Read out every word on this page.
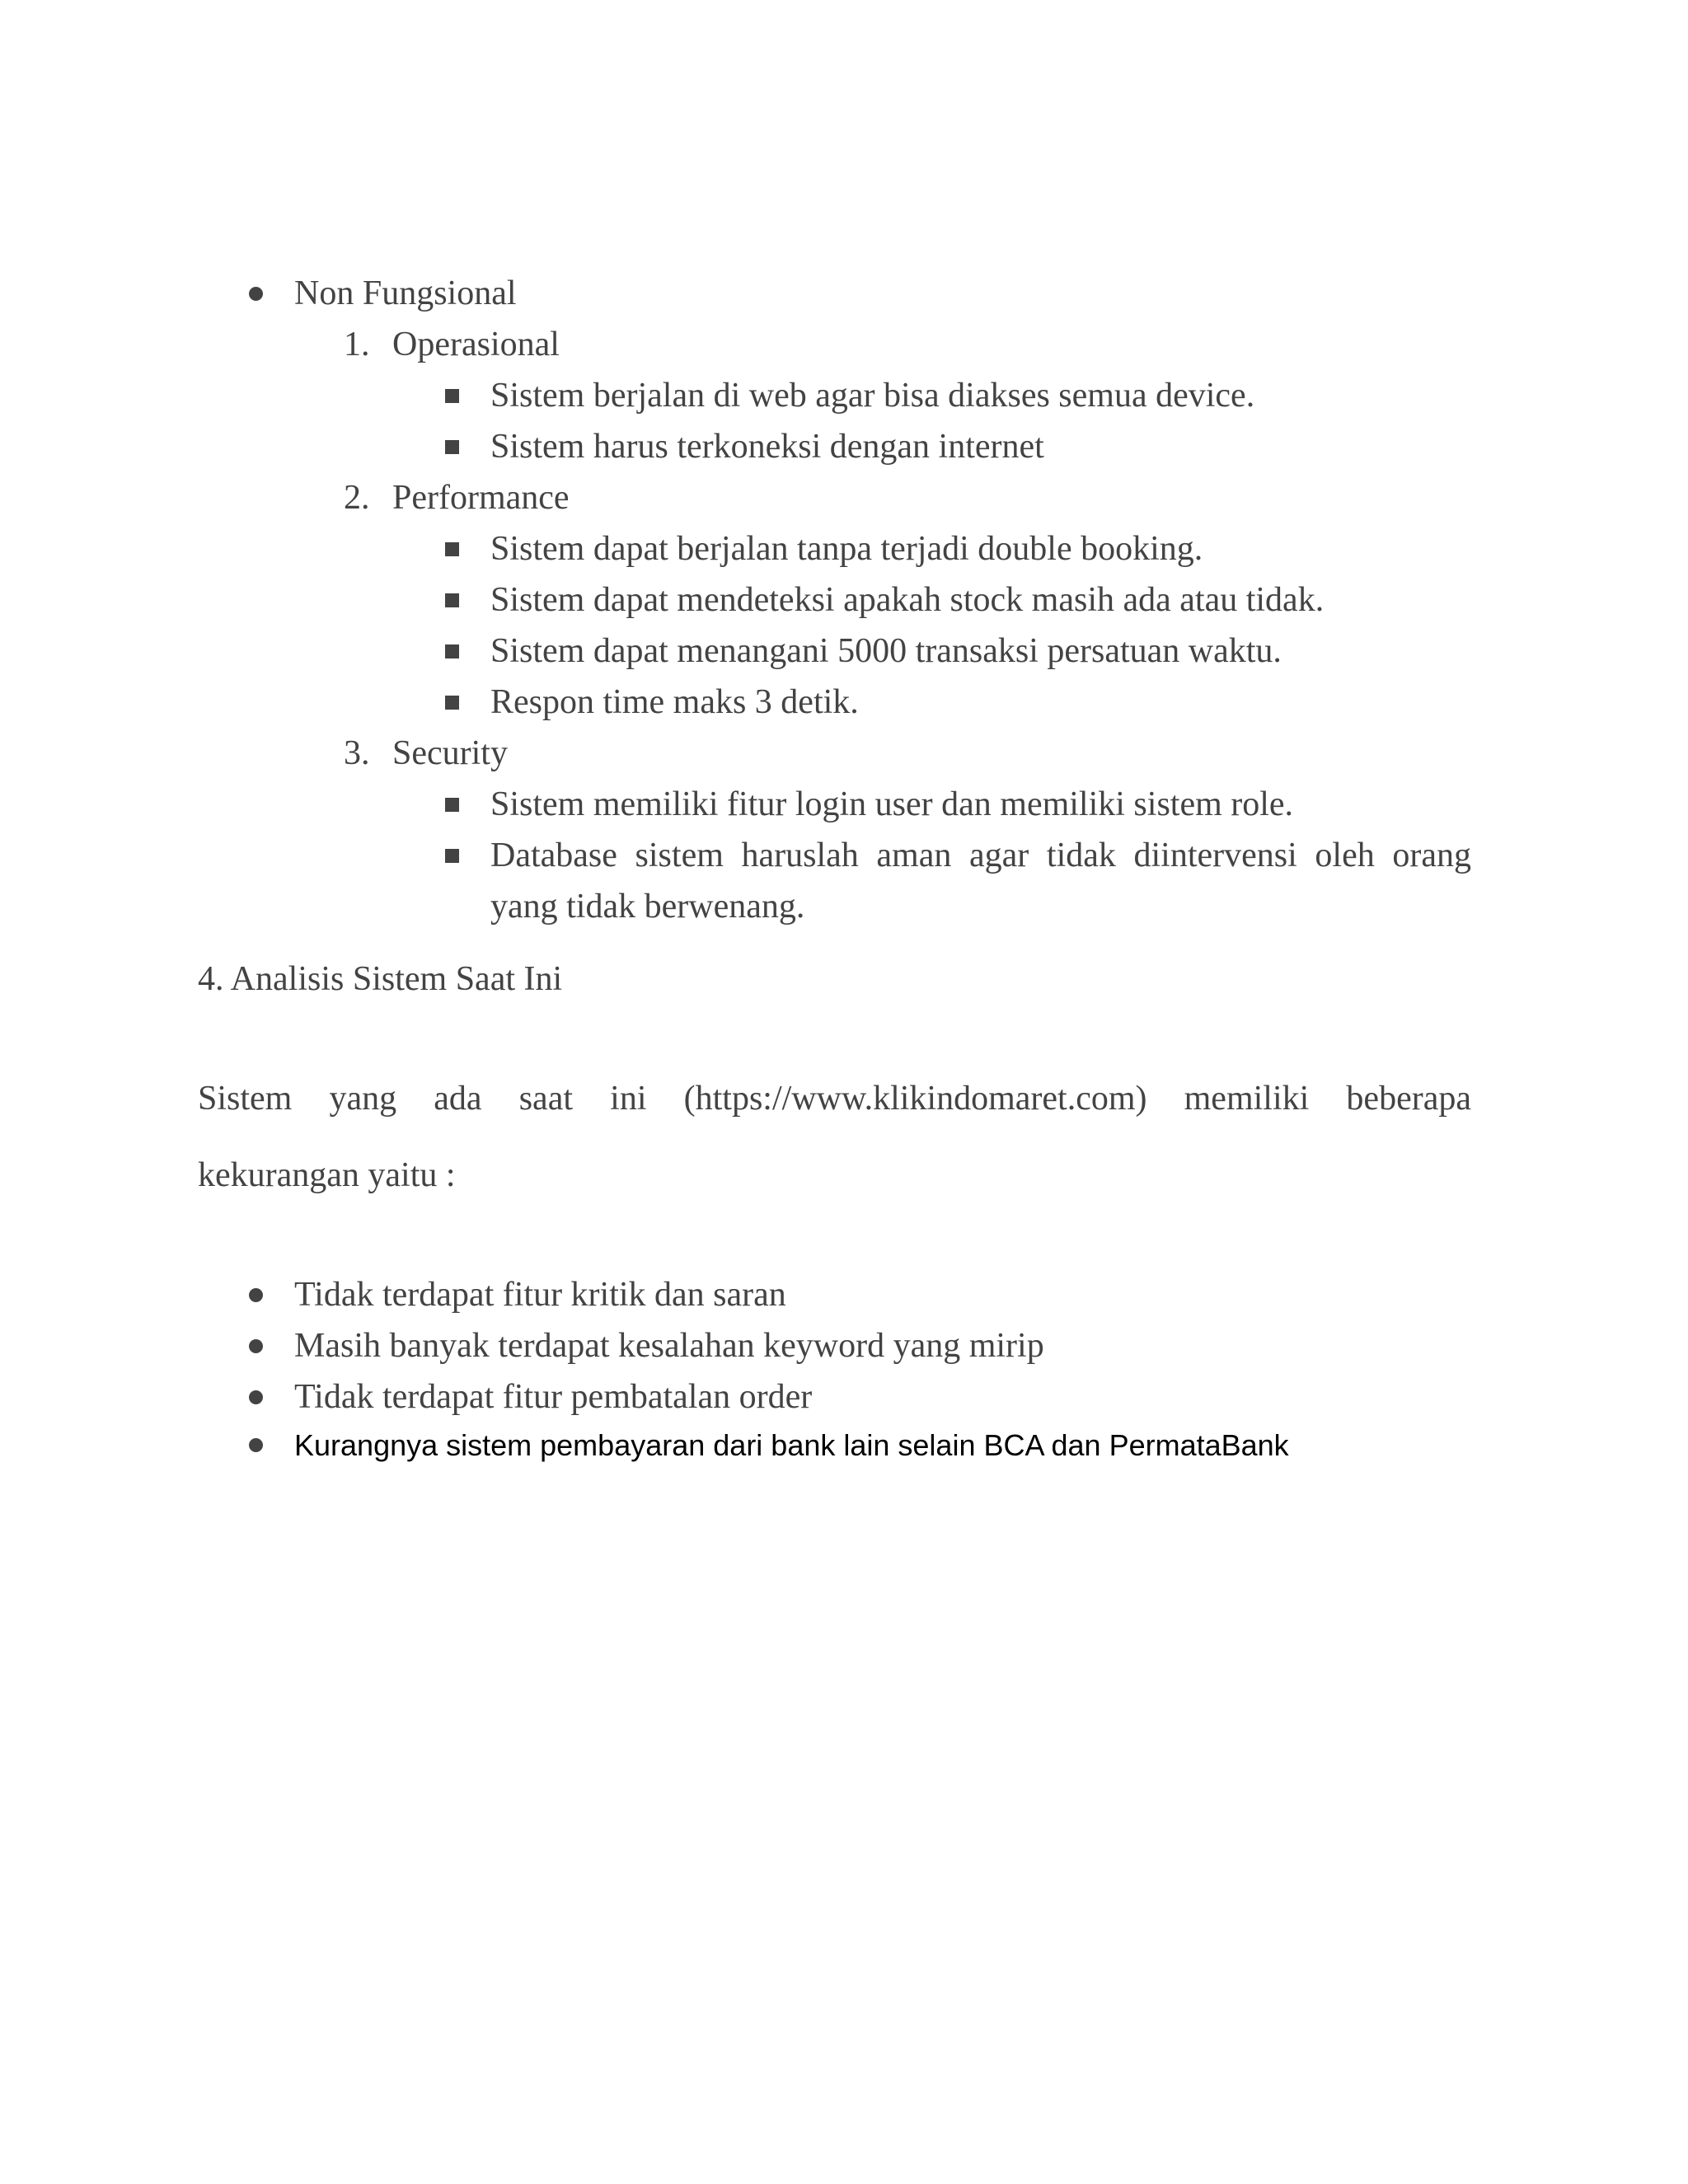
Non Fungsional
1. Operasional
Sistem berjalan di web agar bisa diakses semua device.
Sistem harus terkoneksi dengan internet
2. Performance
Sistem dapat berjalan tanpa terjadi double booking.
Sistem dapat mendeteksi apakah stock masih ada atau tidak.
Sistem dapat menangani 5000 transaksi persatuan waktu.
Respon time maks 3 detik.
3. Security
Sistem memiliki fitur login user dan memiliki sistem role.
Database sistem haruslah aman agar tidak diintervensi oleh orang
yang tidak berwenang.
4. Analisis Sistem Saat Ini
Sistem yang ada saat ini (https://www.klikindomaret.com) memiliki beberapa
kekurangan yaitu :
Tidak terdapat fitur kritik dan saran
Masih banyak terdapat kesalahan keyword yang mirip
Tidak terdapat fitur pembatalan order
Kurangnya sistem pembayaran dari bank lain selain BCA dan PermataBank
